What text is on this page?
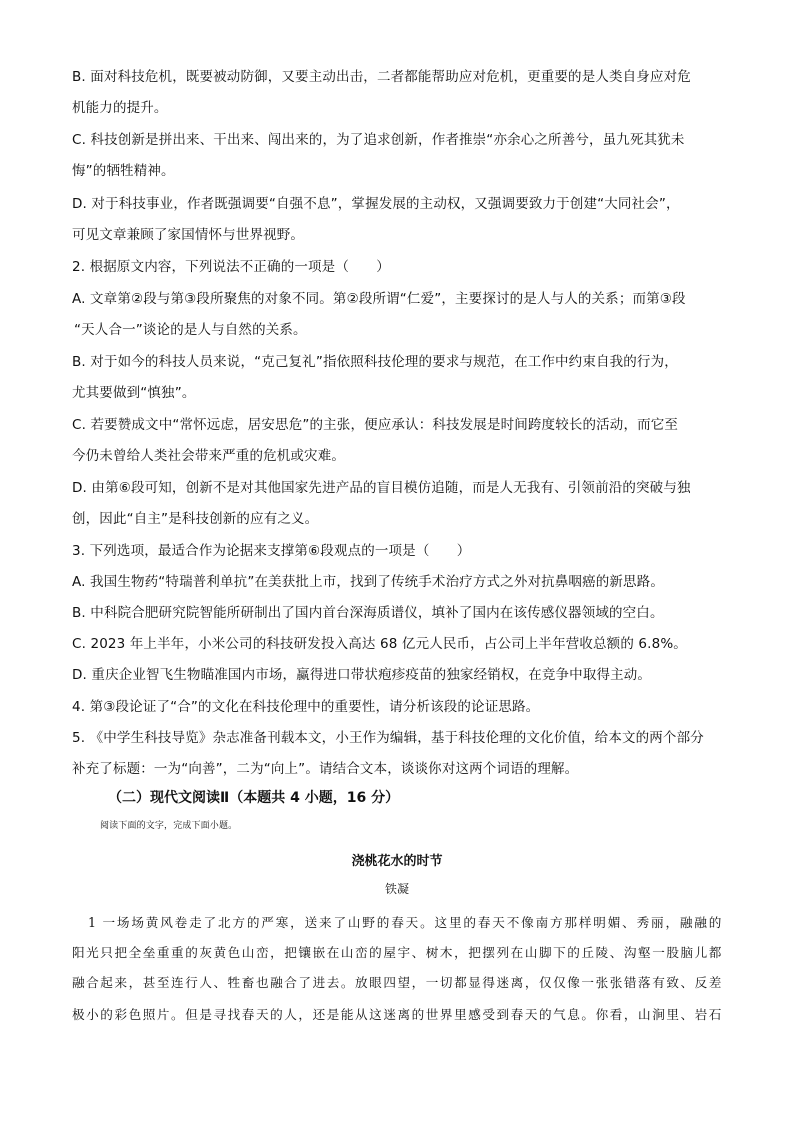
B. 面对科技危机，既要被动防御，又要主动出击，二者都能帮助应对危机，更重要的是人类自身应对危
机能力的提升。
C. 科技创新是拼出来、干出来、闯出来的，为了追求创新，作者推崇“亦余心之所善兮，虽九死其犹未
悔”的牺牲精神。
D. 对于科技事业，作者既强调要“自强不息”，掌握发展的主动权，又强调要致力于创建“大同社会”，
可见文章兼顾了家国情怀与世界视野。
2. 根据原文内容，下列说法不正确的一项是（　　）
A. 文章第②段与第③段所聚焦的对象不同。第②段所谓“仁爱”，主要探讨的是人与人的关系；而第③段
“天人合一”谈论的是人与自然的关系。
B. 对于如今的科技人员来说，“克己复礼”指依照科技伦理的要求与规范，在工作中约束自我的行为，
尤其要做到“慎独”。
C. 若要赞成文中“常怀远虑，居安思危”的主张，便应承认：科技发展是时间跨度较长的活动，而它至
今仍未曾给人类社会带来严重的危机或灾难。
D. 由第⑥段可知，创新不是对其他国家先进产品的盲目模仿追随，而是人无我有、引领前沿的突破与独
创，因此“自主”是科技创新的应有之义。
3. 下列选项，最适合作为论据来支撑第⑥段观点的一项是（　　）
A. 我国生物药“特瑞普利单抗”在美获批上市，找到了传统手术治疗方式之外对抗鼻咽癌的新思路。
B. 中科院合肥研究院智能所研制出了国内首台深海质谱仪，填补了国内在该传感仪器领域的空白。
C. 2023 年上半年，小米公司的科技研发投入高达 68 亿元人民币，占公司上半年营收总额的 6.8%。
D. 重庆企业智飞生物瞄准国内市场，赢得进口带状疱疹疫苗的独家经销权，在竞争中取得主动。
4. 第③段论证了“合”的文化在科技伦理中的重要性，请分析该段的论证思路。
5. 《中学生科技导览》杂志准备刊载本文，小王作为编辑，基于科技伦理的文化价值，给本文的两个部分
补充了标题：一为“向善”，二为“向上”。请结合文本，谈谈你对这两个词语的理解。
（二）现代文阅读Ⅱ（本题共 4 小题，16 分）
阅读下面的文字，完成下面小题。
浇桃花水的时节
铁凝
1 一场场黄风卷走了北方的严寒，送来了山野的春天。这里的春天不像南方那样明媚、秀丽，融融的
阳光只把全垒重重的灰黄色山峦，把镶嵌在山峦的屋宇、树木，把摆列在山脚下的丘陵、沟壑一股脑儿都
融合起来，甚至连行人、牲畜也融合了进去。放眼四望，一切都显得迷离，仅仅像一张张错落有致、反差
极小的彩色照片。但是寻找春天的人，还是能从这迷离的世界里感受到春天的气息。你看，山涧里、岩石
